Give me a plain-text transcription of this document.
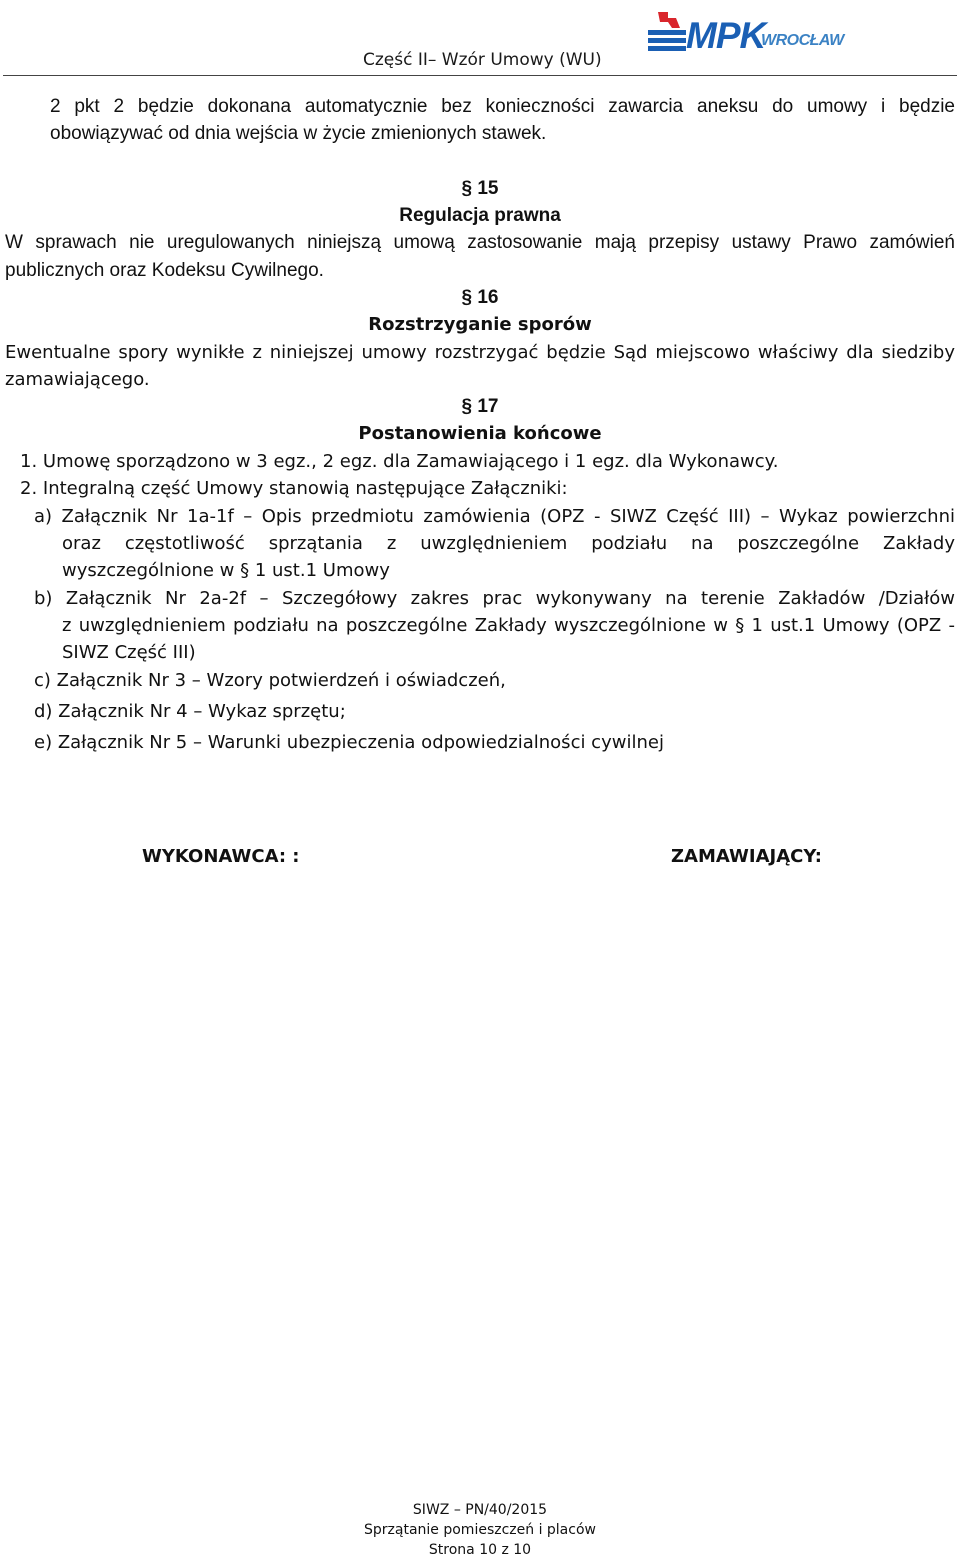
MPK
WROCŁAW
Część II– Wzór Umowy (WU)
2 pkt 2 będzie dokonana automatycznie bez konieczności zawarcia aneksu do umowy i będzie
obowiązywać od dnia wejścia w życie zmienionych stawek.
§ 15
Regulacja prawna
W sprawach nie uregulowanych niniejszą umową zastosowanie mają przepisy ustawy Prawo zamówień
publicznych oraz Kodeksu Cywilnego.
§ 16
Rozstrzyganie sporów
Ewentualne spory wynikłe z niniejszej umowy rozstrzygać będzie Sąd miejscowo właściwy dla siedziby
zamawiającego.
§ 17
Postanowienia końcowe
1. Umowę sporządzono w 3 egz., 2 egz. dla Zamawiającego i 1 egz. dla Wykonawcy.
2. Integralną część Umowy stanowią następujące Załączniki:
a) Załącznik Nr 1a-1f – Opis przedmiotu zamówienia (OPZ - SIWZ Część III) – Wykaz powierzchni
oraz częstotliwość sprzątania z uwzględnieniem podziału na poszczególne Zakłady
wyszczególnione w § 1 ust.1 Umowy
b) Załącznik Nr 2a-2f – Szczegółowy zakres prac wykonywany na terenie Zakładów /Działów
z uwzględnieniem podziału na poszczególne Zakłady wyszczególnione w § 1 ust.1 Umowy (OPZ -
SIWZ Część III)
c) Załącznik Nr 3 – Wzory potwierdzeń i oświadczeń,
d) Załącznik Nr 4 – Wykaz sprzętu;
e) Załącznik Nr 5 – Warunki ubezpieczenia odpowiedzialności cywilnej
WYKONAWCA: :	ZAMAWIAJĄCY:
SIWZ – PN/40/2015
Sprzątanie pomieszczeń i placów
Strona 10 z 10
